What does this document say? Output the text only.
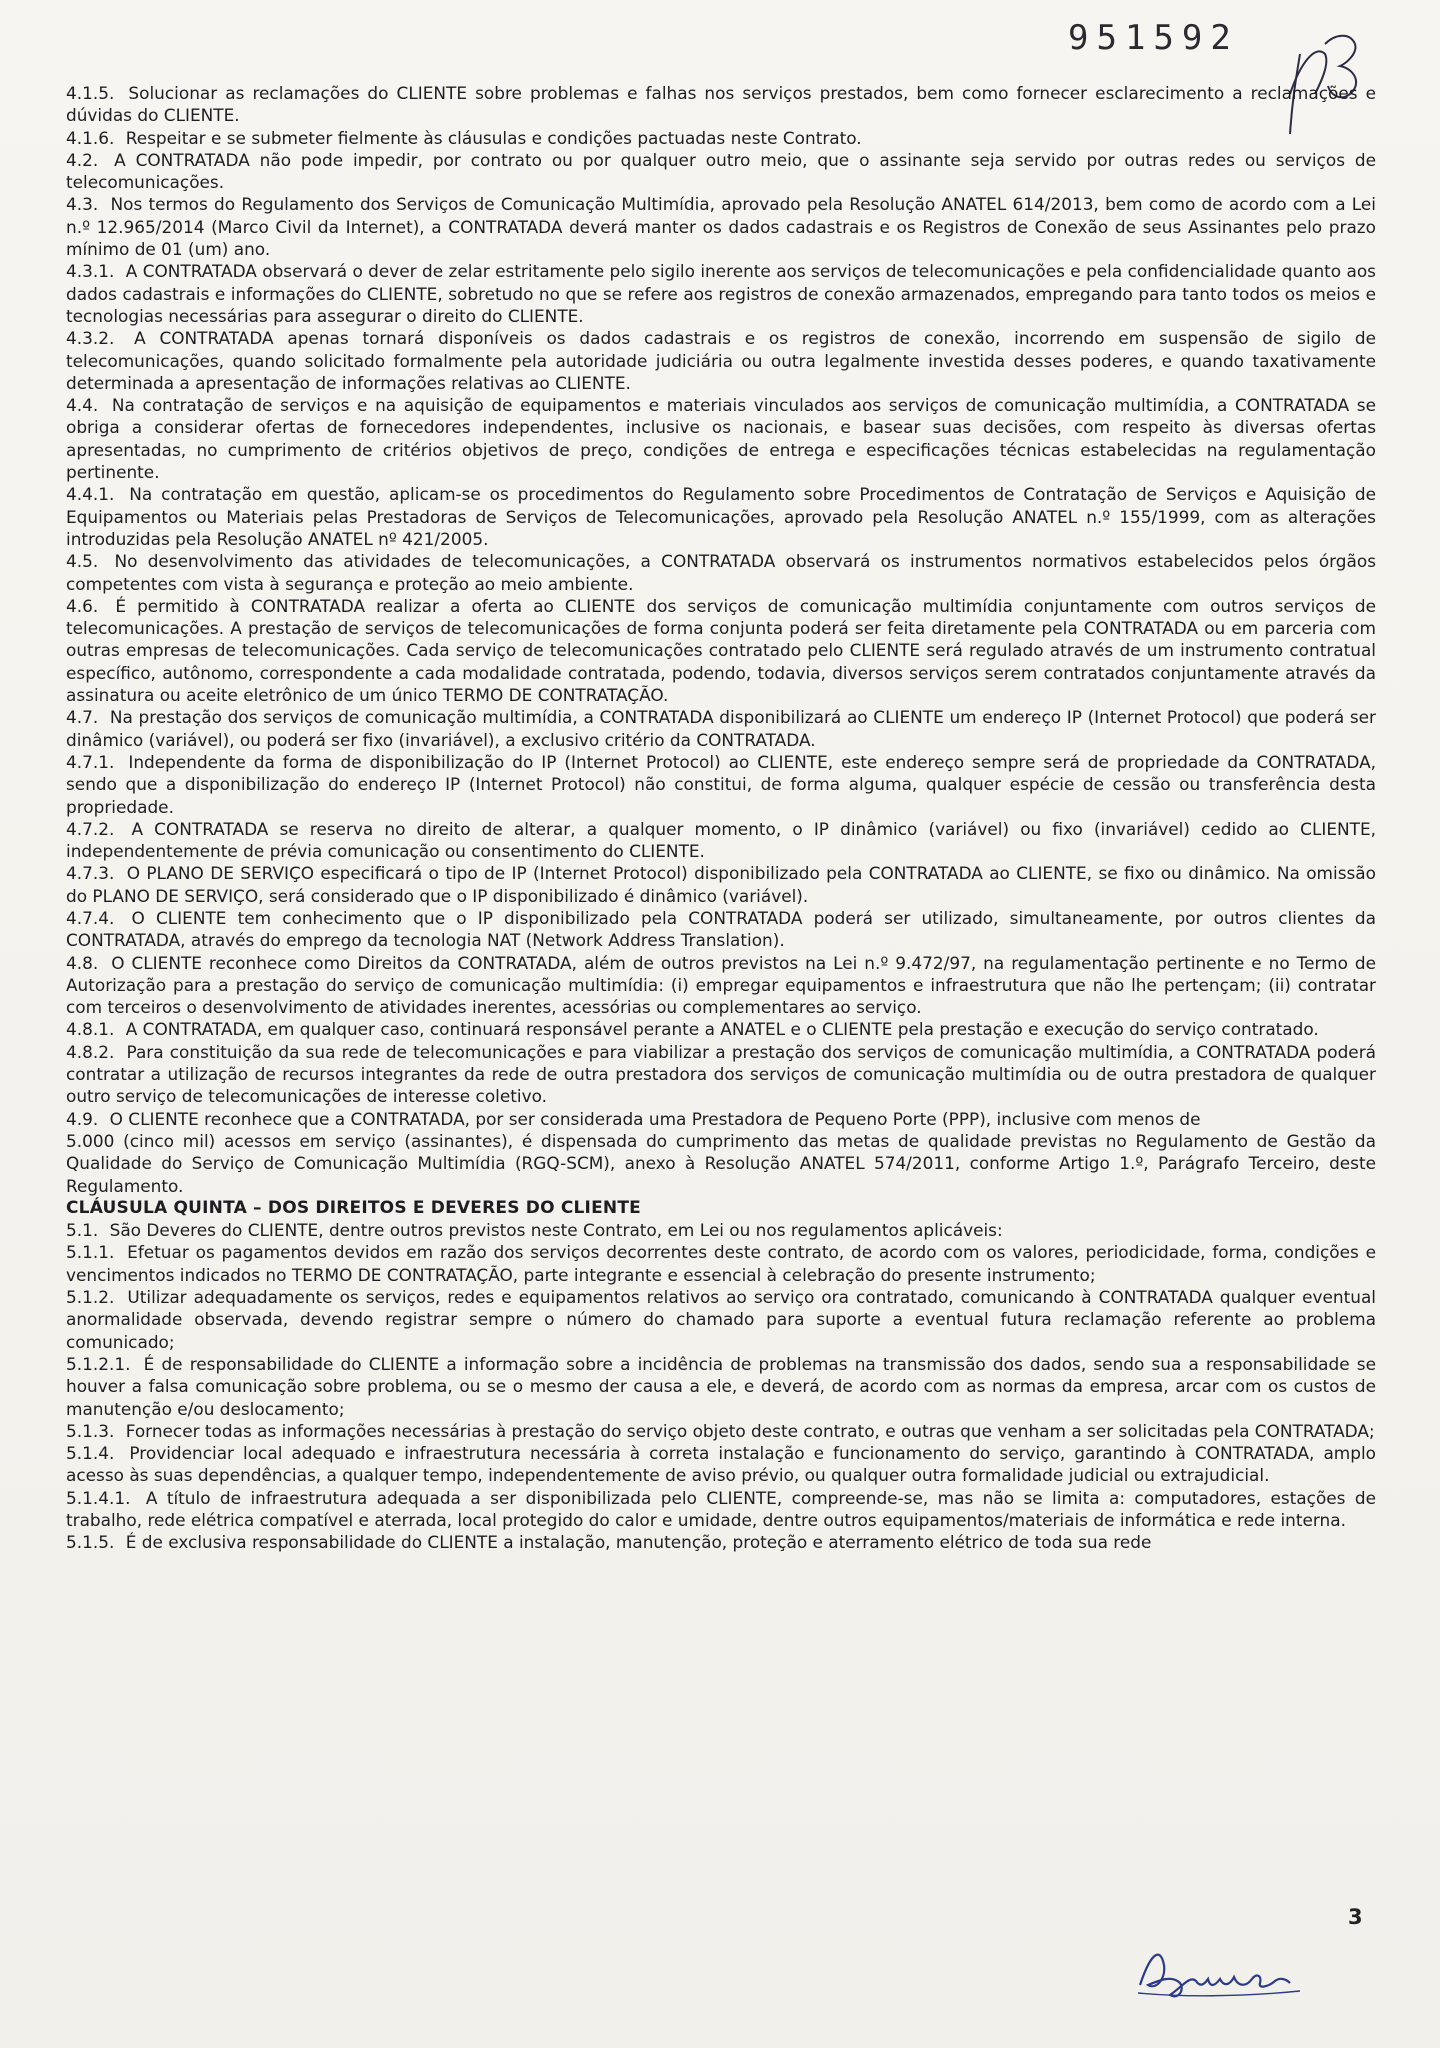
951592

4.1.5. Solucionar as reclamações do CLIENTE sobre problemas e falhas nos serviços prestados, bem como fornecer esclarecimento a reclamações e dúvidas do CLIENTE.

4.1.6. Respeitar e se submeter fielmente às cláusulas e condições pactuadas neste Contrato.

4.2. A CONTRATADA não pode impedir, por contrato ou por qualquer outro meio, que o assinante seja servido por outras redes ou serviços de telecomunicações.

4.3. Nos termos do Regulamento dos Serviços de Comunicação Multimídia, aprovado pela Resolução ANATEL 614/2013, bem como de acordo com a Lei n.º 12.965/2014 (Marco Civil da Internet), a CONTRATADA deverá manter os dados cadastrais e os Registros de Conexão de seus Assinantes pelo prazo mínimo de 01 (um) ano.

4.3.1. A CONTRATADA observará o dever de zelar estritamente pelo sigilo inerente aos serviços de telecomunicações e pela confidencialidade quanto aos dados cadastrais e informações do CLIENTE, sobretudo no que se refere aos registros de conexão armazenados, empregando para tanto todos os meios e tecnologias necessárias para assegurar o direito do CLIENTE.

4.3.2. A CONTRATADA apenas tornará disponíveis os dados cadastrais e os registros de conexão, incorrendo em suspensão de sigilo de telecomunicações, quando solicitado formalmente pela autoridade judiciária ou outra legalmente investida desses poderes, e quando taxativamente determinada a apresentação de informações relativas ao CLIENTE.

4.4. Na contratação de serviços e na aquisição de equipamentos e materiais vinculados aos serviços de comunicação multimídia, a CONTRATADA se obriga a considerar ofertas de fornecedores independentes, inclusive os nacionais, e basear suas decisões, com respeito às diversas ofertas apresentadas, no cumprimento de critérios objetivos de preço, condições de entrega e especificações técnicas estabelecidas na regulamentação pertinente.

4.4.1. Na contratação em questão, aplicam-se os procedimentos do Regulamento sobre Procedimentos de Contratação de Serviços e Aquisição de Equipamentos ou Materiais pelas Prestadoras de Serviços de Telecomunicações, aprovado pela Resolução ANATEL n.º 155/1999, com as alterações introduzidas pela Resolução ANATEL nº 421/2005.

4.5. No desenvolvimento das atividades de telecomunicações, a CONTRATADA observará os instrumentos normativos estabelecidos pelos órgãos competentes com vista à segurança e proteção ao meio ambiente.

4.6. É permitido à CONTRATADA realizar a oferta ao CLIENTE dos serviços de comunicação multimídia conjuntamente com outros serviços de telecomunicações. A prestação de serviços de telecomunicações de forma conjunta poderá ser feita diretamente pela CONTRATADA ou em parceria com outras empresas de telecomunicações. Cada serviço de telecomunicações contratado pelo CLIENTE será regulado através de um instrumento contratual específico, autônomo, correspondente a cada modalidade contratada, podendo, todavia, diversos serviços serem contratados conjuntamente através da assinatura ou aceite eletrônico de um único TERMO DE CONTRATAÇÃO.

4.7. Na prestação dos serviços de comunicação multimídia, a CONTRATADA disponibilizará ao CLIENTE um endereço IP (Internet Protocol) que poderá ser dinâmico (variável), ou poderá ser fixo (invariável), a exclusivo critério da CONTRATADA.

4.7.1. Independente da forma de disponibilização do IP (Internet Protocol) ao CLIENTE, este endereço sempre será de propriedade da CONTRATADA, sendo que a disponibilização do endereço IP (Internet Protocol) não constitui, de forma alguma, qualquer espécie de cessão ou transferência desta propriedade.

4.7.2. A CONTRATADA se reserva no direito de alterar, a qualquer momento, o IP dinâmico (variável) ou fixo (invariável) cedido ao CLIENTE, independentemente de prévia comunicação ou consentimento do CLIENTE.

4.7.3. O PLANO DE SERVIÇO especificará o tipo de IP (Internet Protocol) disponibilizado pela CONTRATADA ao CLIENTE, se fixo ou dinâmico. Na omissão do PLANO DE SERVIÇO, será considerado que o IP disponibilizado é dinâmico (variável).

4.7.4. O CLIENTE tem conhecimento que o IP disponibilizado pela CONTRATADA poderá ser utilizado, simultaneamente, por outros clientes da CONTRATADA, através do emprego da tecnologia NAT (Network Address Translation).

4.8. O CLIENTE reconhece como Direitos da CONTRATADA, além de outros previstos na Lei n.º 9.472/97, na regulamentação pertinente e no Termo de Autorização para a prestação do serviço de comunicação multimídia: (i) empregar equipamentos e infraestrutura que não lhe pertençam; (ii) contratar com terceiros o desenvolvimento de atividades inerentes, acessórias ou complementares ao serviço.

4.8.1. A CONTRATADA, em qualquer caso, continuará responsável perante a ANATEL e o CLIENTE pela prestação e execução do serviço contratado.

4.8.2. Para constituição da sua rede de telecomunicações e para viabilizar a prestação dos serviços de comunicação multimídia, a CONTRATADA poderá contratar a utilização de recursos integrantes da rede de outra prestadora dos serviços de comunicação multimídia ou de outra prestadora de qualquer outro serviço de telecomunicações de interesse coletivo.

4.9. O CLIENTE reconhece que a CONTRATADA, por ser considerada uma Prestadora de Pequeno Porte (PPP), inclusive com menos de

5.000 (cinco mil) acessos em serviço (assinantes), é dispensada do cumprimento das metas de qualidade previstas no Regulamento de Gestão da Qualidade do Serviço de Comunicação Multimídia (RGQ-SCM), anexo à Resolução ANATEL 574/2011, conforme Artigo 1.º, Parágrafo Terceiro, deste Regulamento.

CLÁUSULA QUINTA – DOS DIREITOS E DEVERES DO CLIENTE

5.1. São Deveres do CLIENTE, dentre outros previstos neste Contrato, em Lei ou nos regulamentos aplicáveis:

5.1.1. Efetuar os pagamentos devidos em razão dos serviços decorrentes deste contrato, de acordo com os valores, periodicidade, forma, condições e vencimentos indicados no TERMO DE CONTRATAÇÃO, parte integrante e essencial à celebração do presente instrumento;

5.1.2. Utilizar adequadamente os serviços, redes e equipamentos relativos ao serviço ora contratado, comunicando à CONTRATADA qualquer eventual anormalidade observada, devendo registrar sempre o número do chamado para suporte a eventual futura reclamação referente ao problema comunicado;

5.1.2.1. É de responsabilidade do CLIENTE a informação sobre a incidência de problemas na transmissão dos dados, sendo sua a responsabilidade se houver a falsa comunicação sobre problema, ou se o mesmo der causa a ele, e deverá, de acordo com as normas da empresa, arcar com os custos de manutenção e/ou deslocamento;

5.1.3. Fornecer todas as informações necessárias à prestação do serviço objeto deste contrato, e outras que venham a ser solicitadas pela CONTRATADA;

5.1.4. Providenciar local adequado e infraestrutura necessária à correta instalação e funcionamento do serviço, garantindo à CONTRATADA, amplo acesso às suas dependências, a qualquer tempo, independentemente de aviso prévio, ou qualquer outra formalidade judicial ou extrajudicial.

5.1.4.1. A título de infraestrutura adequada a ser disponibilizada pelo CLIENTE, compreende-se, mas não se limita a: computadores, estações de trabalho, rede elétrica compatível e aterrada, local protegido do calor e umidade, dentre outros equipamentos/materiais de informática e rede interna.

5.1.5. É de exclusiva responsabilidade do CLIENTE a instalação, manutenção, proteção e aterramento elétrico de toda sua rede

3
